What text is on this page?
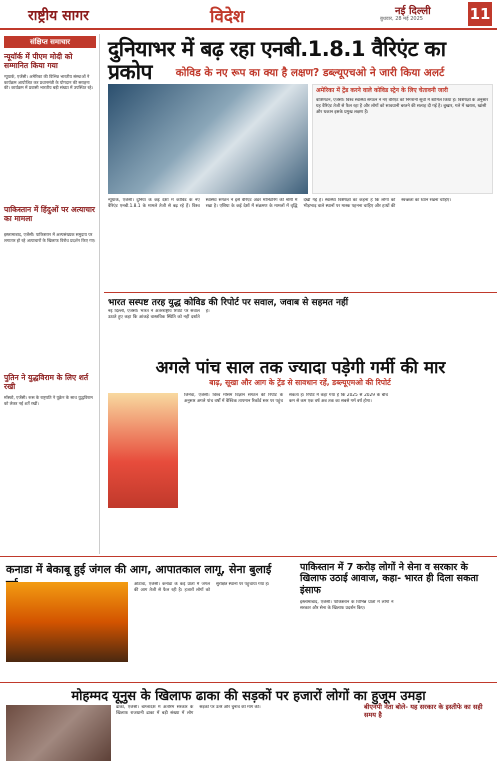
राष्ट्रीय सागर	विदेश	नई दिल्ली
बुधवार, 28 मई 2025	11
संक्षिप्त समाचार
न्यूयॉर्क में पीएम मोदी को सम्मानित किया गया
न्यूयार्क, एजेंसी। अमेरिका की विभिन्न भारतीय संस्थाओं ने कार्यक्रम आयोजित कर प्रधानमंत्री के योगदान की सराहना की। कार्यक्रम में प्रवासी भारतीय बड़ी संख्या में उपस्थित रहे।
पाकिस्तान में हिंदुओं पर अत्याचार का मामला
इस्लामाबाद, एजेंसी। पाकिस्तान में अल्पसंख्यक समुदाय पर लगातार हो रहे अत्याचारों के खिलाफ विरोध प्रदर्शन किए गए।
पुतिन ने युद्धविराम के लिए शर्त रखी
मॉस्को, एजेंसी। रूस के राष्ट्रपति ने यूक्रेन के साथ युद्धविराम को लेकर नई शर्तें रखीं।
दुनियाभर में बढ़ रहा एनबी.1.8.1 वैरिएंट का प्रकोप	कोविड के नए रूप का क्या है लक्षण? डब्ल्यूएचओ ने जारी किया अलर्ट
अमेरिका में ट्रेंड करने वाले कोविड स्ट्रेन के लिए चेतावनी जारी
वाशिंगटन, एजेंसी। विश्व स्वास्थ्य संगठन ने नए वैरिएंट को निगरानी सूची में शामिल किया है। विशेषज्ञों के अनुसार यह वैरिएंट तेजी से फैल रहा है और लोगों को सावधानी बरतने की सलाह दी गई है। बुखार, गले में खराश, खांसी और थकान इसके प्रमुख लक्षण हैं।
न्यूयार्क, एजेंसी। दुनिया के कई देशों में कोविड के नए वैरिएंट एनबी.1.8.1 के मामले तेजी से बढ़ रहे हैं। विश्व स्वास्थ्य संगठन ने इसे वैरिएंट अंडर मॉनिटरिंग की श्रेणी में रखा है। एशिया के कई देशों में संक्रमण के मामलों में वृद्धि देखी गई है। स्वास्थ्य विशेषज्ञों का कहना है कि लोगों को भीड़भाड़ वाले स्थानों पर मास्क पहनना चाहिए और हाथों की स्वच्छता का ध्यान रखना चाहिए।
भारत सस्पष्ट तरह युद्ध कोविड की रिपोर्ट पर सवाल, जवाब से सहमत नहीं
नई दिल्ली, एजेंसी। भारत ने अंतरराष्ट्रीय रिपोर्ट पर सवाल उठाते हुए कहा कि आंकड़े वास्तविक स्थिति को नहीं दर्शाते हैं।
अगले पांच साल तक ज्यादा पड़ेगी गर्मी की मार
बाढ़, सूखा और आग के ट्रेंड से सावधान रहें, डब्ल्यूएमओ की रिपोर्ट
जिनेवा, एजेंसी। विश्व मौसम विज्ञान संगठन की रिपोर्ट के अनुसार अगले पांच वर्षों में वैश्विक तापमान रिकॉर्ड स्तर पर पहुंच सकता है। रिपोर्ट में कहा गया है कि 2025 से 2029 के बीच कम से कम एक वर्ष अब तक का सबसे गर्म वर्ष होगा।
कनाडा में बेकाबू हुई जंगल की आग, आपातकाल लागू, सेना बुलाई
ओटावा, एजेंसी। कनाडा के कई प्रांतों में जंगल की आग तेजी से फैल रही है। हजारों लोगों को सुरक्षित स्थानों पर पहुंचाया गया है।
पाकिस्तान में 7 करोड़ लोगों ने सेना व सरकार के खिलाफ उठाई आवाज, कहा- भारत ही दिला सकता इंसाफ
इस्लामाबाद, एजेंसी। पाकिस्तान के विभिन्न प्रांतों में लोगों ने सरकार और सेना के खिलाफ प्रदर्शन किए।
मोहम्मद यूनुस के खिलाफ ढाका की सड़कों पर हजारों लोगों का हुजूम उमड़ा
ढाका, एजेंसी। बांग्लादेश में अंतरिम सरकार के खिलाफ राजधानी ढाका में बड़ी संख्या में लोग सड़कों पर उतरे और चुनाव की मांग की।	बीएनपी नेता बोले- यह सरकार के इस्तीफे का सही समय है
